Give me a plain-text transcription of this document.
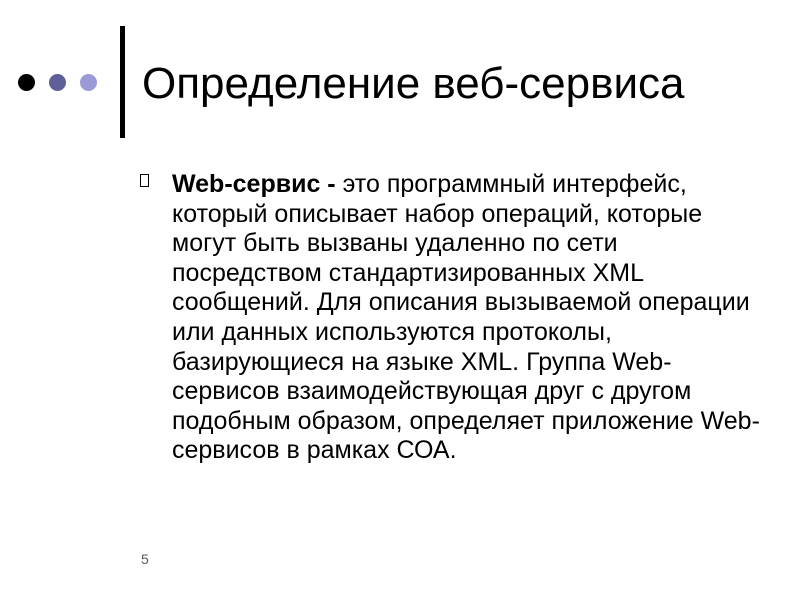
Определение веб-сервиса
Web-сервис - это программный интерфейс, который описывает набор операций, которые могут быть вызваны удаленно по сети посредством стандартизированных XML сообщений. Для описания вызываемой операции или данных используются протоколы, базирующиеся на языке XML. Группа Web-сервисов взаимодействующая друг с другом подобным образом, определяет приложение Web-сервисов в рамках СОА.
5
